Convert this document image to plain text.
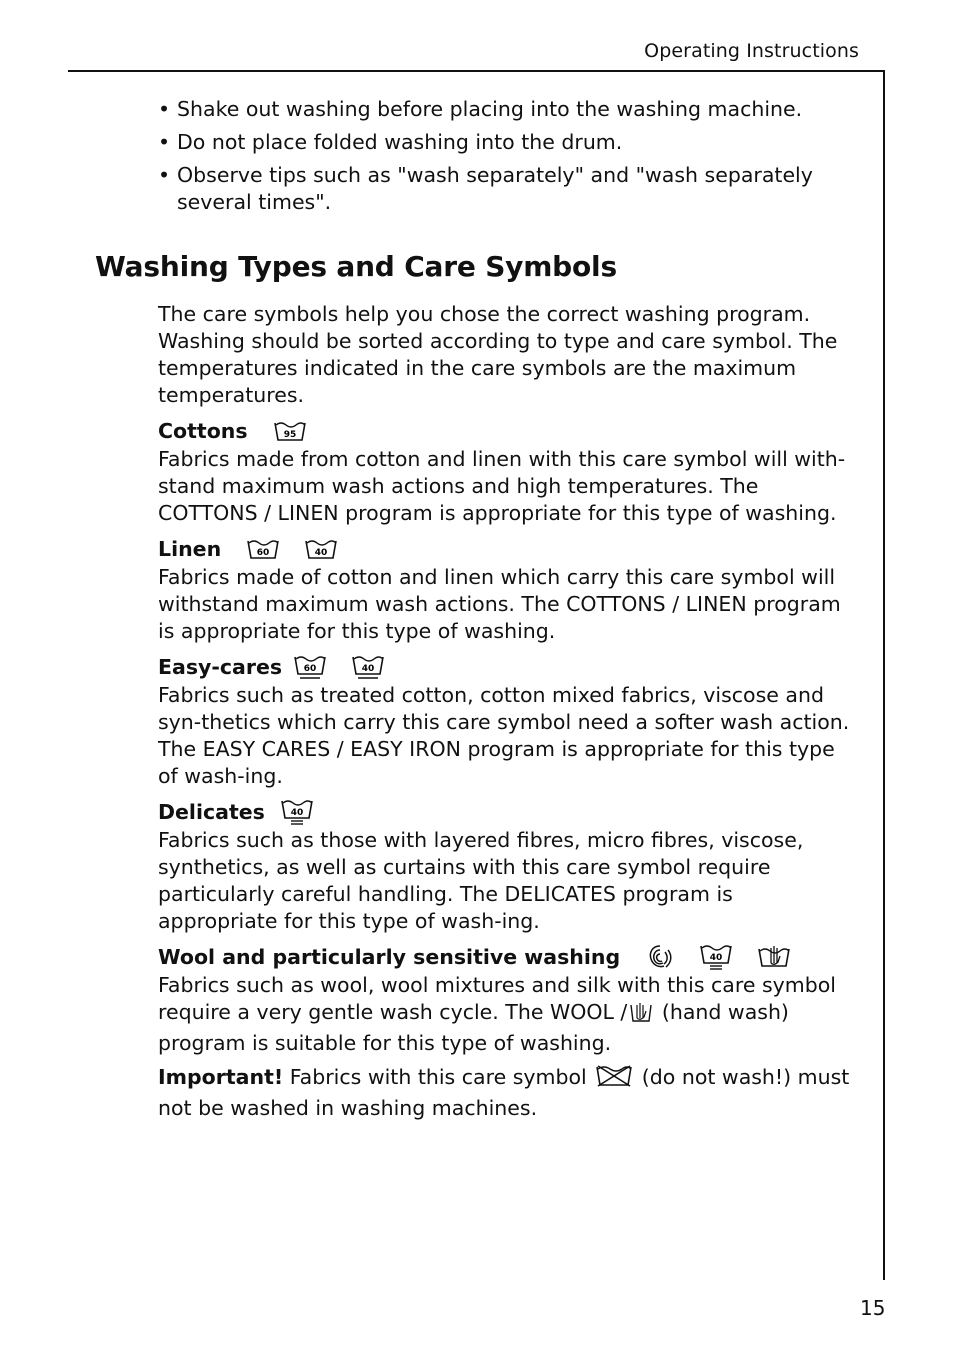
Operating Instructions
• Shake out washing before placing into the washing machine.
• Do not place folded washing into the drum.
• Observe tips such as "wash separately" and "wash separately several times".
Washing Types and Care Symbols

The care symbols help you chose the correct washing program. Washing should be sorted according to type and care symbol. The temperatures indicated in the care symbols are the maximum temperatures.

Cottons	95
Fabrics made from cotton and linen with this care symbol will with-stand maximum wash actions and high temperatures. The COTTONS / LINEN program is appropriate for this type of washing.
Linen	60	40
Fabrics made of cotton and linen which carry this care symbol will withstand maximum wash actions. The COTTONS / LINEN program is appropriate for this type of washing.
Easy-cares 60	40
Fabrics such as treated cotton, cotton mixed fabrics, viscose and syn-thetics which carry this care symbol need a softer wash action. The EASY CARES / EASY IRON program is appropriate for this type of wash-ing.
Delicates	40
Fabrics such as those with layered fibres, micro fibres, viscose, synthetics, as well as curtains with this care symbol require particularly careful handling. The DELICATES program is appropriate for this type of wash-ing.
Wool and particularly sensitive washing	40
Fabrics such as wool, wool mixtures and silk with this care symbol require a very gentle wash cycle. The WOOL / (hand wash) program is suitable for this type of washing.
Important! Fabrics with this care symbol  (do not wash!) must not be washed in washing machines.
15
